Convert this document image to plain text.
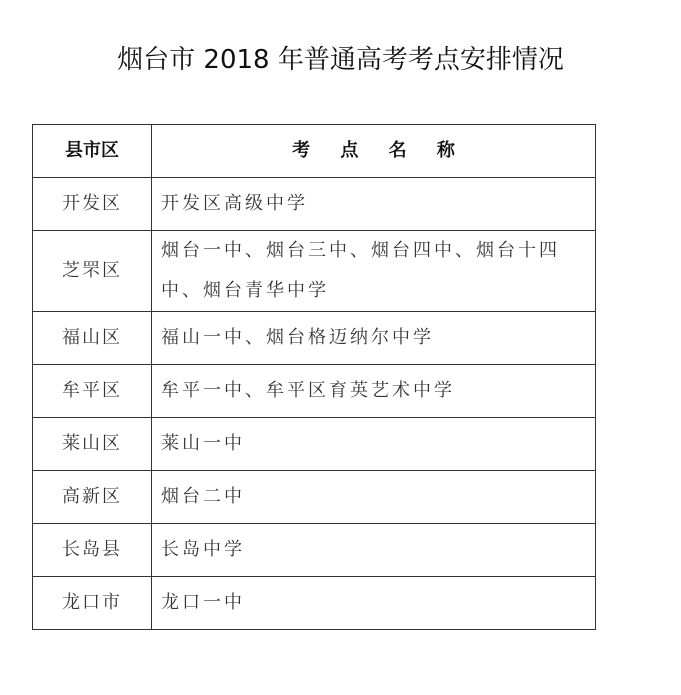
烟台市 2018 年普通高考考点安排情况
县市区	考 点 名 称
开发区	开发区高级中学
芝罘区	烟台一中、烟台三中、烟台四中、烟台十四中、烟台青华中学
福山区	福山一中、烟台格迈纳尔中学
牟平区	牟平一中、牟平区育英艺术中学
莱山区	莱山一中
高新区	烟台二中
长岛县	长岛中学
龙口市	龙口一中
